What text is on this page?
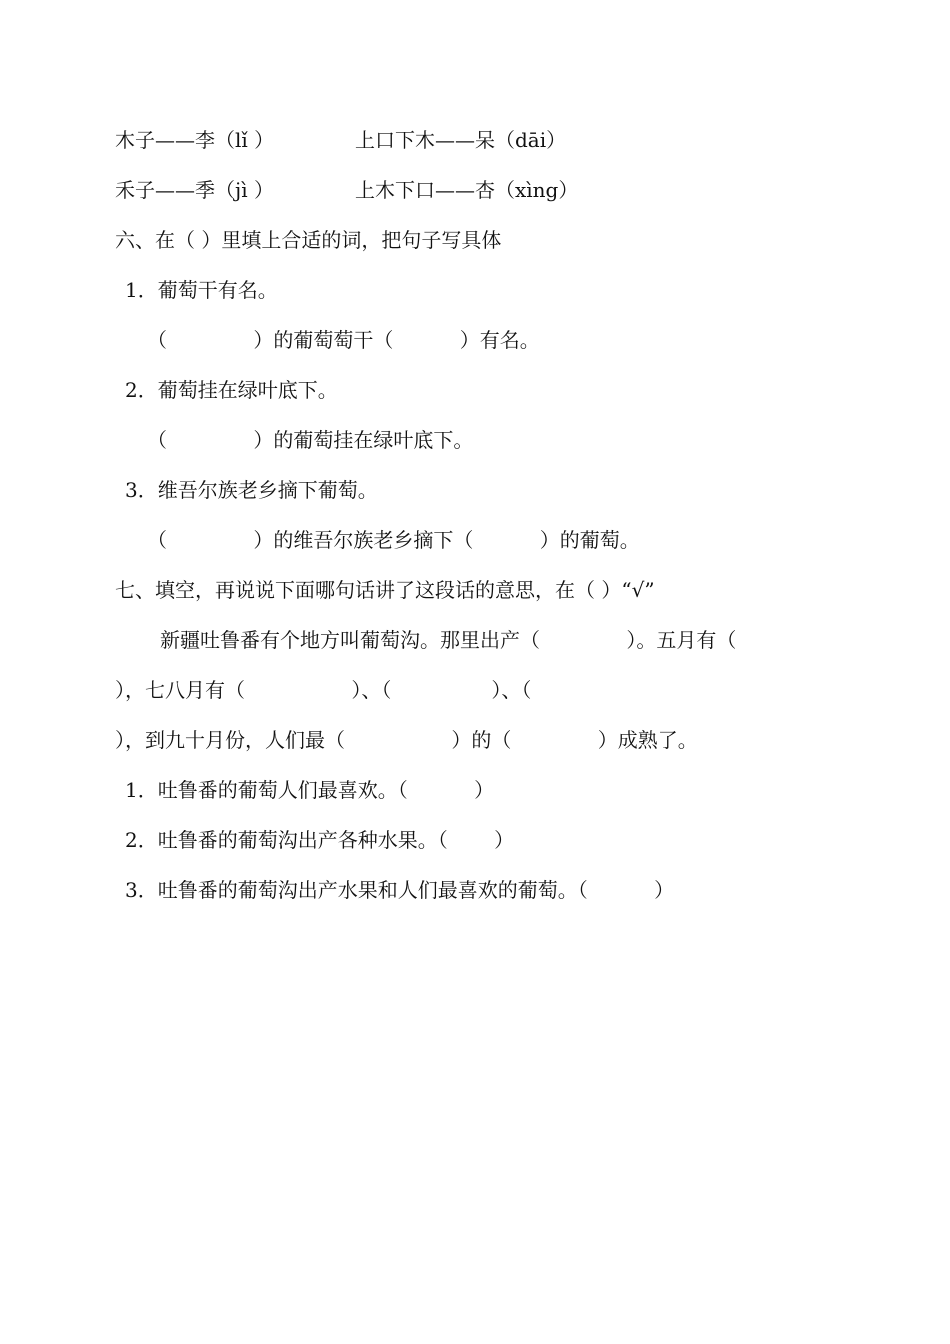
木子——李（lǐ ）	上口下木——呆（dāi）
禾子——季（jì ）	上木下口——杏（xìng）
六、在（ ）里填上合适的词，把句子写具体
1．葡萄干有名。
（　　　　 ）的葡萄萄干（　　　 ）有名。
2．葡萄挂在绿叶底下。
（　　　　 ）的葡萄挂在绿叶底下。
3．维吾尔族老乡摘下葡萄。
（　　　　 ）的维吾尔族老乡摘下（　　　 ）的葡萄。
七、填空，再说说下面哪句话讲了这段话的意思，在（ ）“√”
新疆吐鲁番有个地方叫葡萄沟。那里出产（　　　　 ）。五月有（
），七八月有（　　　　　 ）、（　　　　　）、（
），到九十月份，人们最（　　　　　 ）的（　　　　 ）成熟了。
1．吐鲁番的葡萄人们最喜欢。（　　　 ）
2．吐鲁番的葡萄沟出产各种水果。（　　 ）
3．吐鲁番的葡萄沟出产水果和人们最喜欢的葡萄。（　　　 ）
